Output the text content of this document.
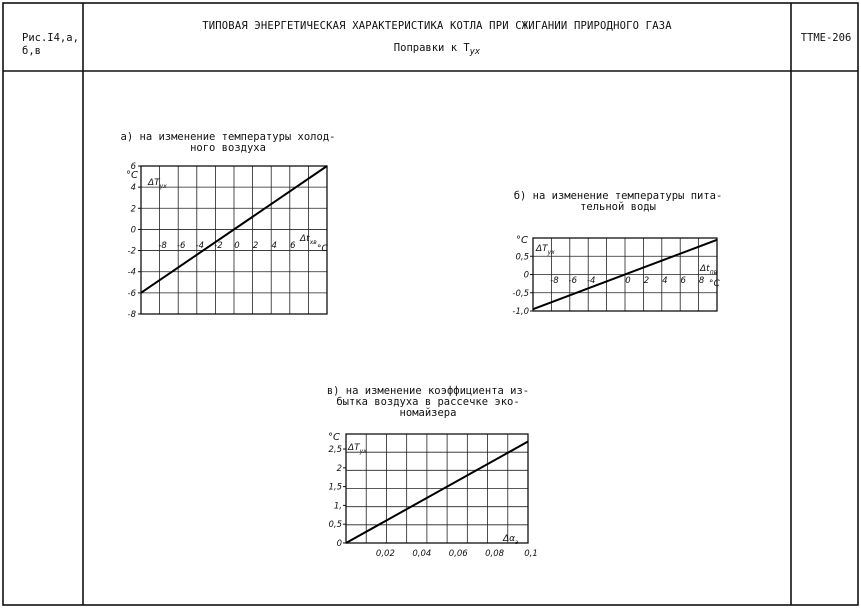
Рис.I4,а,
б,в
ТИПОВАЯ ЭНЕРГЕТИЧЕСКАЯ ХАРАКТЕРИСТИКА КОТЛА ПРИ СЖИГАНИИ ПРИРОДНОГО ГАЗА
Поправки к $Т_{ух}$
ТТМЕ-206
а) на изменение температуры холод-
ного воздуха
б) на изменение температуры пита-
тельной воды
в) на изменение коэффициента из-
бытка воздуха в рассечке эко-
номайзера
6
4
2
0
-2
-4
-6
-8
-8 -6 -4 -2 0 2 4 6
°C
$\Delta T_{ух}$
$\Delta t_{хв}$
°C
0,5
0
-0,5
-1,0
-8 -6 -4	0 2 4 6 8
°C
$\Delta T_{ух}$
$\Delta t_{пв}$
°C
2,5
2
1,5
1,
0,5
0
0,02 0,04 0,06 0,08 0,1
°C
$\Delta T_{ух}$
$\Delta\alpha_э$
